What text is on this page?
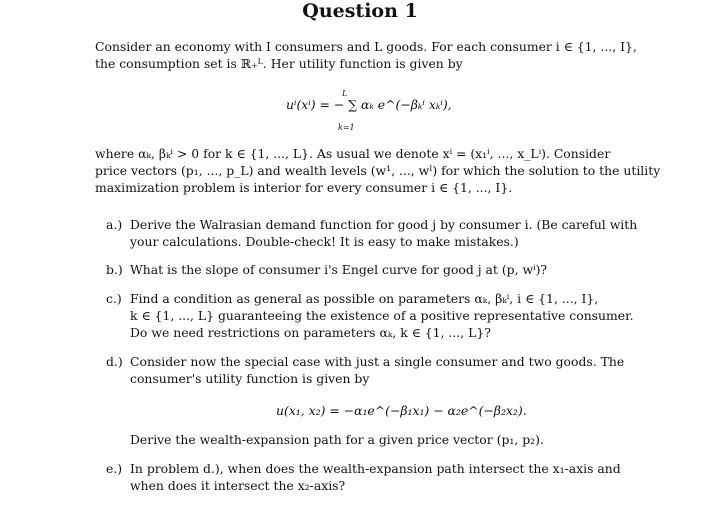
Question 1
Consider an economy with I consumers and L goods. For each consumer i ∈ {1, ..., I},
the consumption set is ℝ₊ᴸ. Her utility function is given by
uⁱ(xⁱ) = − ∑ αₖ e^(−βₖⁱ xₖⁱ),
L
k=1
where αₖ, βₖⁱ > 0 for k ∈ {1, ..., L}. As usual we denote xⁱ = (x₁ⁱ, ..., x_Lⁱ). Consider
price vectors (p₁, ..., p_L) and wealth levels (w¹, ..., wᴵ) for which the solution to the utility
maximization problem is interior for every consumer i ∈ {1, ..., I}.
a.) Derive the Walrasian demand function for good j by consumer i. (Be careful with
your calculations. Double-check! It is easy to make mistakes.)
b.) What is the slope of consumer i's Engel curve for good j at (p, wⁱ)?
c.) Find a condition as general as possible on parameters αₖ, βₖⁱ, i ∈ {1, ..., I},
k ∈ {1, ..., L} guaranteeing the existence of a positive representative consumer.
Do we need restrictions on parameters αₖ, k ∈ {1, ..., L}?
d.) Consider now the special case with just a single consumer and two goods. The
consumer's utility function is given by
u(x₁, x₂) = −α₁e^(−β₁x₁) − α₂e^(−β₂x₂).
Derive the wealth-expansion path for a given price vector (p₁, p₂).
e.) In problem d.), when does the wealth-expansion path intersect the x₁-axis and
when does it intersect the x₂-axis?
